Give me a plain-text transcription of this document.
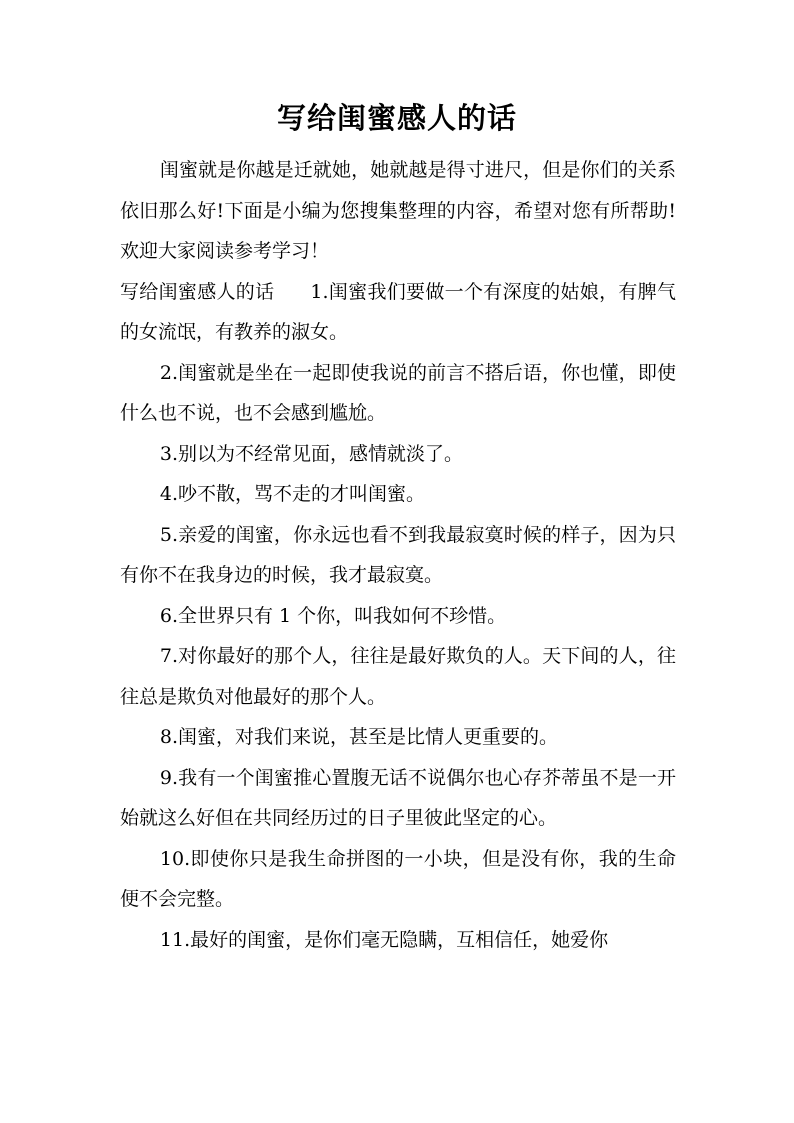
写给闺蜜感人的话

闺蜜就是你越是迁就她，她就越是得寸进尺，但是你们的关系依旧那么好!下面是小编为您搜集整理的内容，希望对您有所帮助!欢迎大家阅读参考学习！

写给闺蜜感人的话 1.闺蜜我们要做一个有深度的姑娘，有脾气的女流氓，有教养的淑女。

2.闺蜜就是坐在一起即使我说的前言不搭后语，你也懂，即使什么也不说，也不会感到尴尬。

3.别以为不经常见面，感情就淡了。

4.吵不散，骂不走的才叫闺蜜。

5.亲爱的闺蜜，你永远也看不到我最寂寞时候的样子，因为只有你不在我身边的时候，我才最寂寞。

6.全世界只有 1 个你，叫我如何不珍惜。

7.对你最好的那个人，往往是最好欺负的人。天下间的人，往往总是欺负对他最好的那个人。

8.闺蜜，对我们来说，甚至是比情人更重要的。

9.我有一个闺蜜推心置腹无话不说偶尔也心存芥蒂虽不是一开始就这么好但在共同经历过的日子里彼此坚定的心。

10.即使你只是我生命拼图的一小块，但是没有你，我的生命便不会完整。

11.最好的闺蜜，是你们毫无隐瞒，互相信任，她爱你
